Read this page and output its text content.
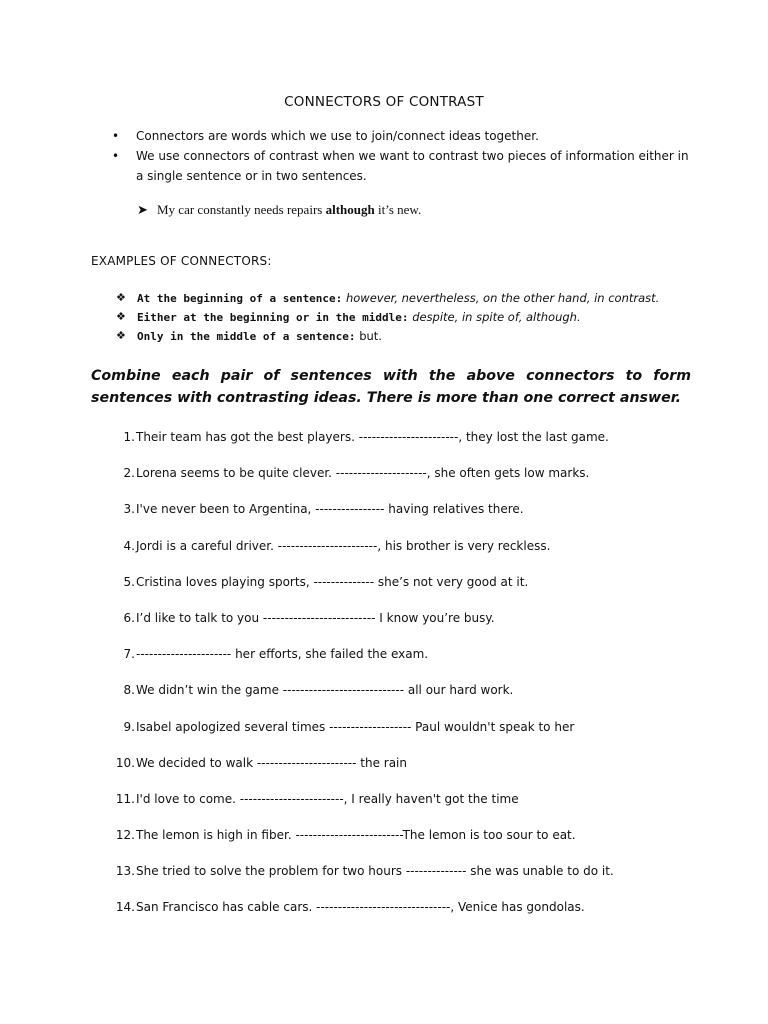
CONNECTORS OF CONTRAST
• Connectors are words which we use to join/connect ideas together.
• We use connectors of contrast when we want to contrast two pieces of information either in a single sentence or in two sentences.
➤ My car constantly needs repairs although it’s new.
EXAMPLES OF CONNECTORS:
❖ At the beginning of a sentence: however, nevertheless, on the other hand, in contrast.
❖ Either at the beginning or in the middle: despite, in spite of, although.
❖ Only in the middle of a sentence: but.
Combine each pair of sentences with the above connectors to form sentences with contrasting ideas. There is more than one correct answer.
1. Their team has got the best players. -----------------------, they lost the last game.
2. Lorena seems to be quite clever. ---------------------, she often gets low marks.
3. I've never been to Argentina, ---------------- having relatives there.
4. Jordi is a careful driver. -----------------------, his brother is very reckless.
5. Cristina loves playing sports, -------------- she’s not very good at it.
6. I’d like to talk to you -------------------------- I know you’re busy.
7. ---------------------- her efforts, she failed the exam.
8. We didn’t win the game ---------------------------- all our hard work.
9. Isabel apologized several times ------------------- Paul wouldn't speak to her
10. We decided to walk ----------------------- the rain
11. I'd love to come. ------------------------, I really haven't got the time
12. The lemon is high in fiber. -------------------------The lemon is too sour to eat.
13. She tried to solve the problem for two hours -------------- she was unable to do it.
14. San Francisco has cable cars. -------------------------------, Venice has gondolas.
